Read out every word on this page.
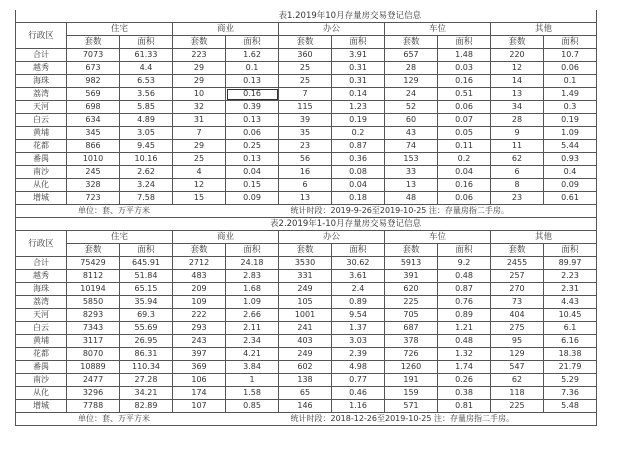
表1.2019年10月存量房交易登记信息										
行政区	住宅		商业		办公		车位		其他	
	套数	面积	套数	面积	套数	面积	套数	面积	套数	面积
合计	7073	61.33	223	1.62	360	3.91	657	1.48	220	10.7
越秀	673	4.4	29	0.1	25	0.31	28	0.03	12	0.06
海珠	982	6.53	29	0.13	25	0.31	129	0.16	14	0.1
荔湾	569	3.56	10	0.16	7	0.14	24	0.51	13	1.49
天河	698	5.85	32	0.39	115	1.23	52	0.06	34	0.3
白云	634	4.89	31	0.13	39	0.19	60	0.07	28	0.19
黄埔	345	3.05	7	0.06	35	0.2	43	0.05	9	1.09
花都	866	9.45	29	0.25	23	0.87	74	0.11	11	5.44
番禺	1010	10.16	25	0.13	56	0.36	153	0.2	62	0.93
南沙	245	2.62	4	0.04	16	0.08	33	0.04	6	0.4
从化	328	3.24	12	0.15	6	0.04	13	0.16	8	0.09
增城	723	7.58	15	0.09	13	0.18	48	0.06	23	0.61
单位：套、万平方米					统计时段：2019-9-26至2019-10-25 注：存量房指二手房。					
表2.2019年1-10月存量房交易登记信息										
行政区	住宅		商业		办公		车位		其他	
	套数	面积	套数	面积	套数	面积	套数	面积	套数	面积
合计	75429	645.91	2712	24.18	3530	30.62	5913	9.2	2455	89.97
越秀	8112	51.84	483	2.83	331	3.61	391	0.48	257	2.23
海珠	10194	65.15	209	1.68	249	2.4	620	0.87	270	2.31
荔湾	5850	35.94	109	1.09	105	0.89	225	0.76	73	4.43
天河	8293	69.3	222	2.66	1001	9.54	705	0.89	404	10.45
白云	7343	55.69	293	2.11	241	1.37	687	1.21	275	6.1
黄埔	3117	26.95	243	2.34	403	3.03	378	0.48	95	6.16
花都	8070	86.31	397	4.21	249	2.39	726	1.32	129	18.38
番禺	10889	110.34	369	3.84	602	4.98	1260	1.74	547	21.79
南沙	2477	27.28	106	1	138	0.77	191	0.26	62	5.29
从化	3296	34.21	174	1.58	65	0.46	159	0.38	118	7.36
增城	7788	82.89	107	0.85	146	1.16	571	0.81	225	5.48
单位：套、万平方米					统计时段：2018-12-26至2019-10-25 注：存量房指二手房。					
